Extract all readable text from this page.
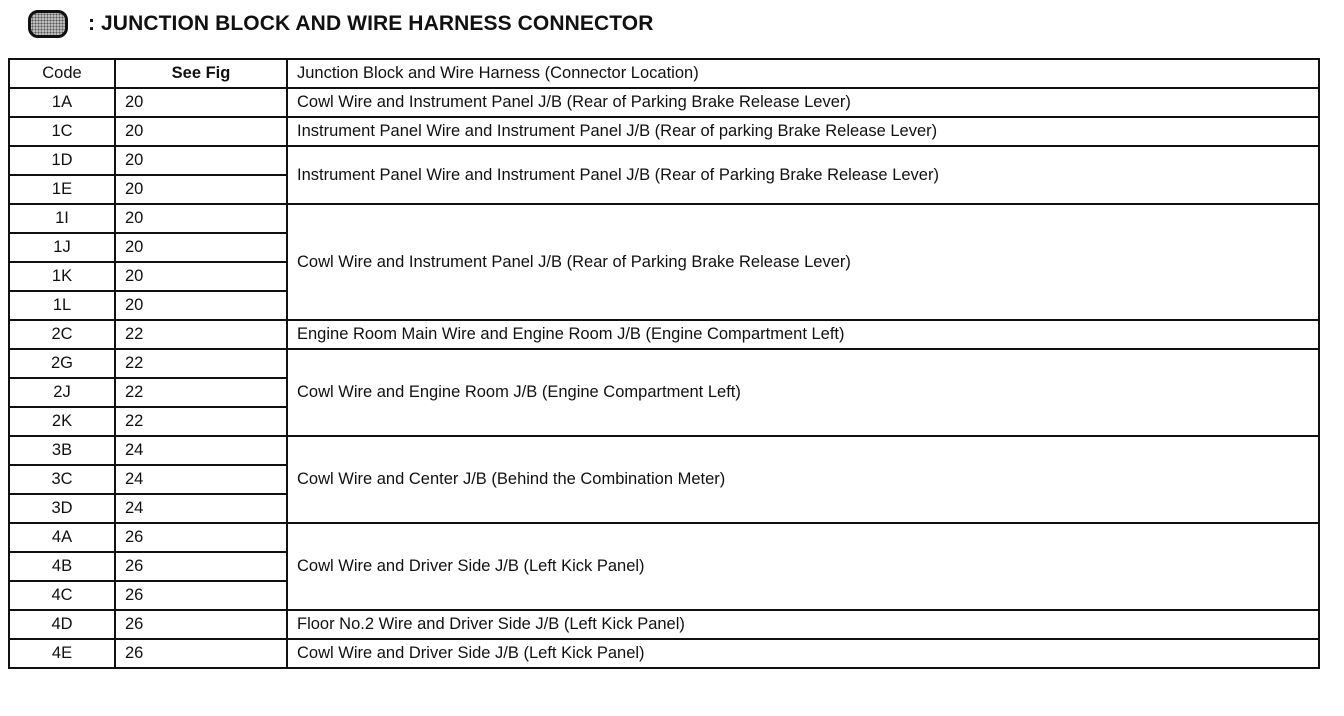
: JUNCTION BLOCK AND WIRE HARNESS CONNECTOR
Code	See Fig	Junction Block and Wire Harness (Connector Location)
1A	20	Cowl Wire and Instrument Panel J/B (Rear of Parking Brake Release Lever)
1C	20	Instrument Panel Wire and Instrument Panel J/B (Rear of parking Brake Release Lever)
1D	20	Instrument Panel Wire and Instrument Panel J/B (Rear of Parking Brake Release Lever)
1E	20	
1I	20	Cowl Wire and Instrument Panel J/B (Rear of Parking Brake Release Lever)
1J	20	
1K	20	
1L	20	
2C	22	Engine Room Main Wire and Engine Room J/B (Engine Compartment Left)
2G	22	Cowl Wire and Engine Room J/B (Engine Compartment Left)
2J	22	
2K	22	
3B	24	Cowl Wire and Center J/B (Behind the Combination Meter)
3C	24	
3D	24	
4A	26	Cowl Wire and Driver Side J/B (Left Kick Panel)
4B	26	
4C	26	
4D	26	Floor No.2 Wire and Driver Side J/B (Left Kick Panel)
4E	26	Cowl Wire and Driver Side J/B (Left Kick Panel)
